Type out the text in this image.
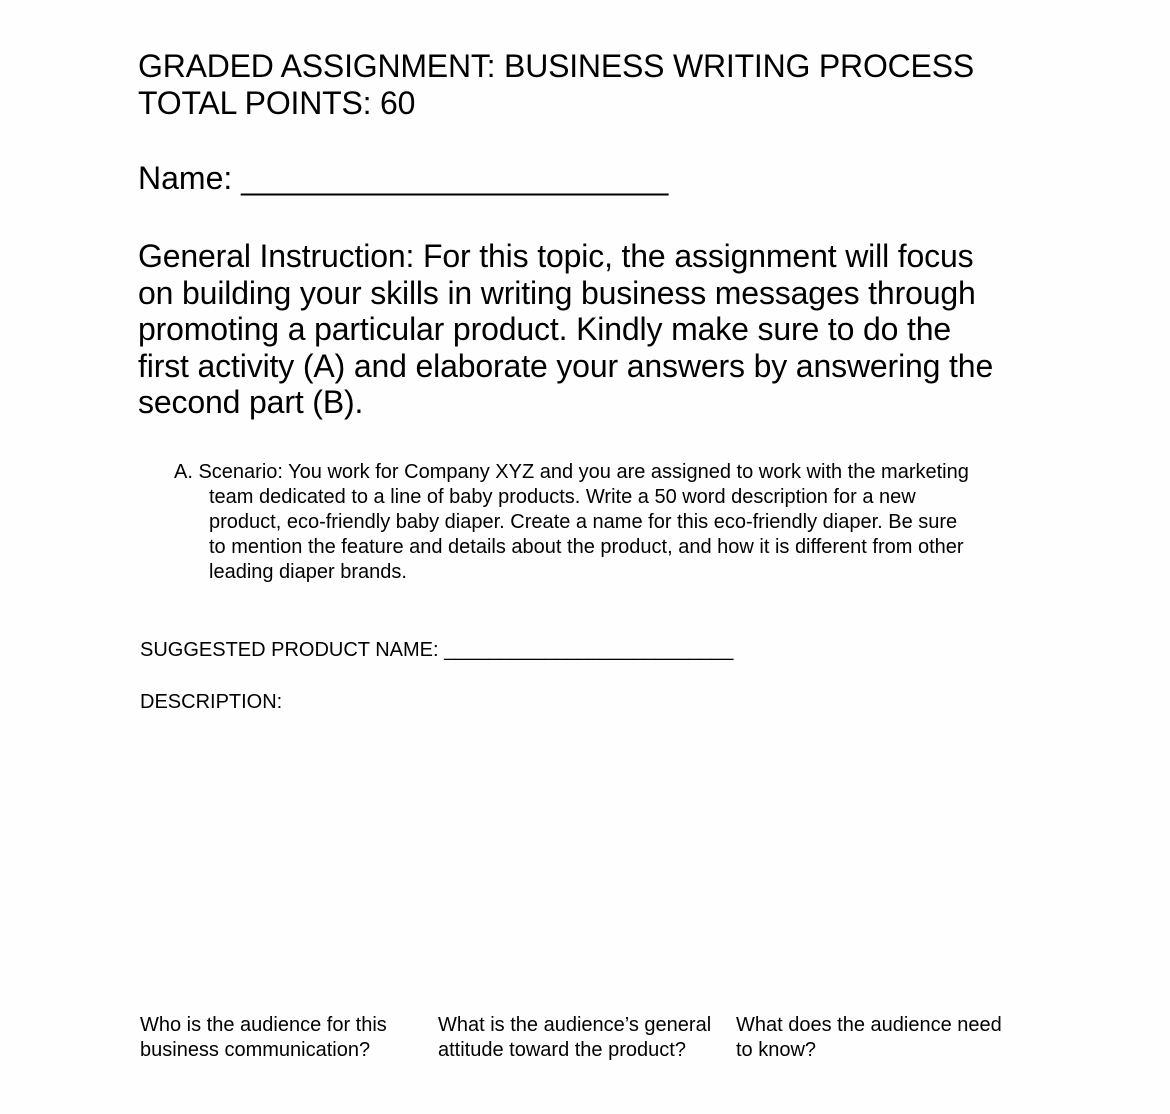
GRADED ASSIGNMENT: BUSINESS WRITING PROCESS
TOTAL POINTS: 60
Name: ________________________
General Instruction: For this topic, the assignment will focus
on building your skills in writing business messages through
promoting a particular product. Kindly make sure to do the
first activity (A) and elaborate your answers by answering the
second part (B).
A. Scenario: You work for Company XYZ and you are assigned to work with the marketing
team dedicated to a line of baby products. Write a 50 word description for a new
product, eco-friendly baby diaper. Create a name for this eco-friendly diaper. Be sure
to mention the feature and details about the product, and how it is different from other
leading diaper brands.
SUGGESTED PRODUCT NAME: __________________________
DESCRIPTION:
Who is the audience for this
business communication?
What is the audience’s general
attitude toward the product?
What does the audience need
to know?
